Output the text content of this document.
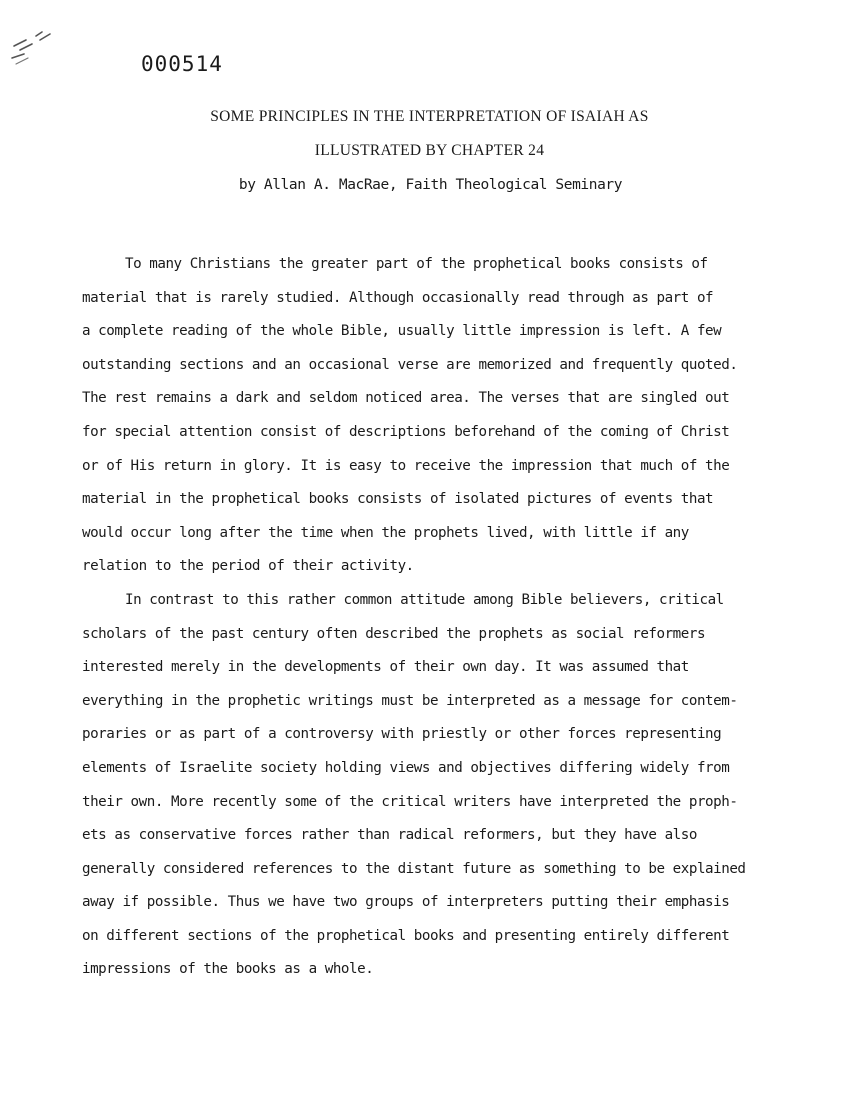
000514
SOME PRINCIPLES IN THE INTERPRETATION OF ISAIAH AS
ILLUSTRATED BY CHAPTER 24
by Allan A. MacRae, Faith Theological Seminary
To many Christians the greater part of the prophetical books consists of
material that is rarely studied. Although occasionally read through as part of
a complete reading of the whole Bible, usually little impression is left. A few
outstanding sections and an occasional verse are memorized and frequently quoted.
The rest remains a dark and seldom noticed area. The verses that are singled out
for special attention consist of descriptions beforehand of the coming of Christ
or of His return in glory. It is easy to receive the impression that much of the
material in the prophetical books consists of isolated pictures of events that
would occur long after the time when the prophets lived, with little if any
relation to the period of their activity.
In contrast to this rather common attitude among Bible believers, critical
scholars of the past century often described the prophets as social reformers
interested merely in the developments of their own day. It was assumed that
everything in the prophetic writings must be interpreted as a message for contem-
poraries or as part of a controversy with priestly or other forces representing
elements of Israelite society holding views and objectives differing widely from
their own. More recently some of the critical writers have interpreted the proph-
ets as conservative forces rather than radical reformers, but they have also
generally considered references to the distant future as something to be explained
away if possible. Thus we have two groups of interpreters putting their emphasis
on different sections of the prophetical books and presenting entirely different
impressions of the books as a whole.
